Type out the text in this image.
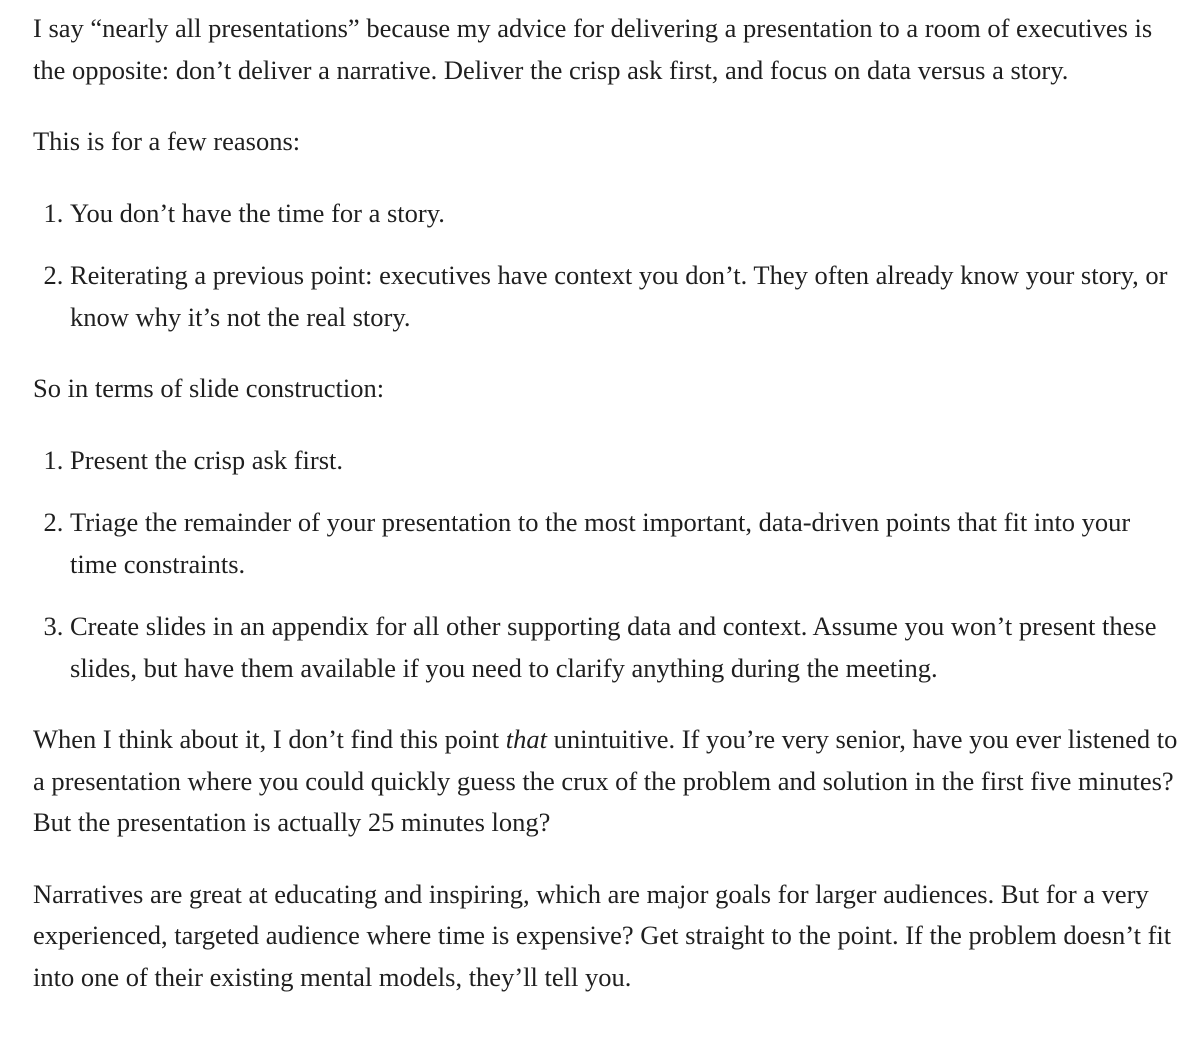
I say “nearly all presentations” because my advice for delivering a presentation to a room of executives is the opposite: don’t deliver a narrative. Deliver the crisp ask first, and focus on data versus a story.

This is for a few reasons:

1. You don’t have the time for a story.
2. Reiterating a previous point: executives have context you don’t. They often already know your story, or know why it’s not the real story.

So in terms of slide construction:

1. Present the crisp ask first.
2. Triage the remainder of your presentation to the most important, data-driven points that fit into your time constraints.
3. Create slides in an appendix for all other supporting data and context. Assume you won’t present these slides, but have them available if you need to clarify anything during the meeting.

When I think about it, I don’t find this point that unintuitive. If you’re very senior, have you ever listened to a presentation where you could quickly guess the crux of the problem and solution in the first five minutes? But the presentation is actually 25 minutes long?

Narratives are great at educating and inspiring, which are major goals for larger audiences. But for a very experienced, targeted audience where time is expensive? Get straight to the point. If the problem doesn’t fit into one of their existing mental models, they’ll tell you.
